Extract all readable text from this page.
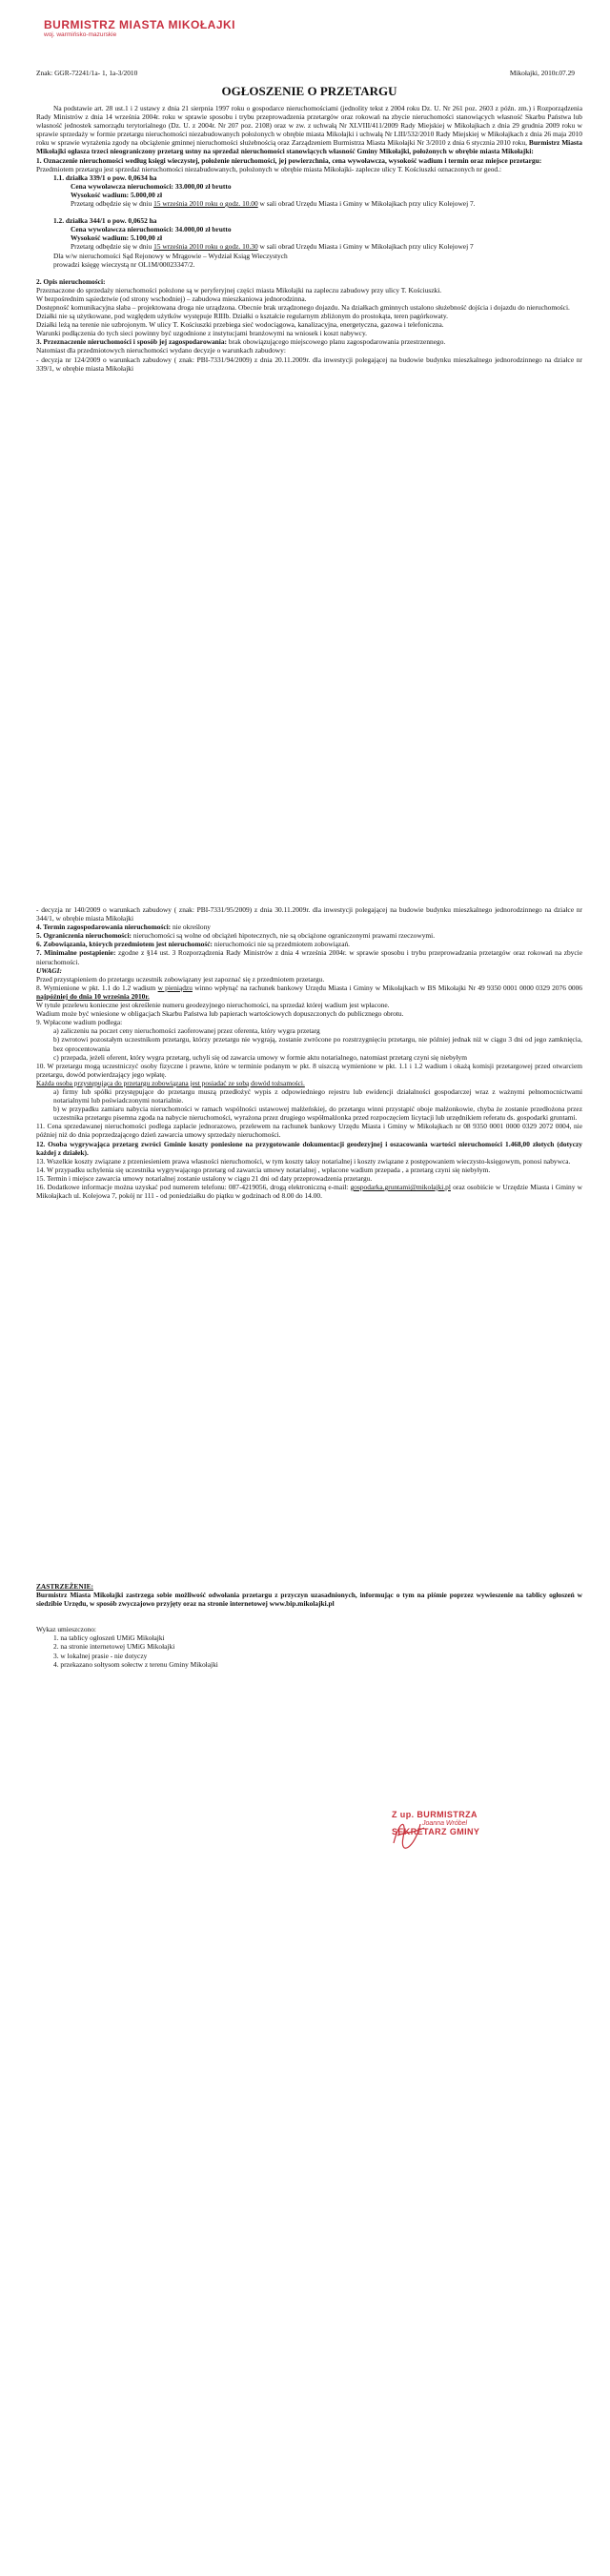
BURMISTRZ MIASTA MIKOŁAJKI
woj. warmińsko-mazurskie
Znak: GGR-72241/1a- 1, 1a-3/2010	Mikołajki, 2010r.07.29
OGŁOSZENIE O PRZETARGU

Na podstawie art. 28 ust.1 i 2 ustawy z dnia 21 sierpnia 1997 roku o gospodarce nieruchomościami (jednolity tekst z 2004 roku Dz. U. Nr 261 poz. 2603 z późn. zm.) i Rozporządzenia Rady Ministrów z dnia 14 września 2004r. roku w sprawie sposobu i trybu przeprowadzenia przetargów oraz rokowań na zbycie nieruchomości stanowiących własność Skarbu Państwa lub własność jednostek samorządu terytorialnego (Dz. U. z 2004r. Nr 207 poz. 2108) oraz w zw. z uchwałą Nr XLVIII/411/2009 Rady Miejskiej w Mikołajkach z dnia 29 grudnia 2009 roku w sprawie sprzedaży w formie przetargu nieruchomości niezabudowanych położonych w obrębie miasta Mikołajki i uchwałą Nr LIII/532/2010 Rady Miejskiej w Mikołajkach z dnia 26 maja 2010 roku w sprawie wyrażenia zgody na obciążenie gminnej nieruchomości służebnością oraz Zarządzeniem Burmistrza Miasta Mikołajki Nr 3/2010 z dnia 6 stycznia 2010 roku, Burmistrz Miasta Mikołajki ogłasza trzeci nieograniczony przetarg ustny na sprzedaż nieruchomości stanowiących własność Gminy Mikołajki, położonych w obrębie miasta Mikołajki:

1. Oznaczenie nieruchomości według księgi wieczystej, położenie nieruchomości, jej powierzchnia, cena wywoławcza, wysokość wadium i termin oraz miejsce przetargu:

Przedmiotem przetargu jest sprzedaż nieruchomości niezabudowanych, położonych w obrębie miasta Mikołajki- zaplecze ulicy T. Kościuszki oznaczonych nr geod.:

1.1. działka 339/1 o pow. 0,0634 ha

Cena wywoławcza nieruchomości: 33.000,00 zł brutto

Wysokość wadium: 5.000,00 zł

Przetarg odbędzie się w dniu 15 września 2010 roku o godz. 10.00 w sali obrad Urzędu Miasta i Gminy w Mikołajkach przy ulicy Kolejowej 7.

1.2. działka 344/1 o pow. 0,0652 ha

Cena wywoławcza nieruchomości: 34.000,00 zł brutto

Wysokość wadium: 5.100,00 zł

Przetarg odbędzie się w dniu 15 września 2010 roku o godz. 10.30 w sali obrad Urzędu Miasta i Gminy w Mikołajkach przy ulicy Kolejowej 7

Dla w/w nieruchomości Sąd Rejonowy w Mrągowie – Wydział Ksiąg Wieczystych

prowadzi księgę wieczystą nr OL1M/00023347/2.

2. Opis nieruchomości:

Przeznaczone do sprzedaży nieruchomości położone są w peryferyjnej części miasta Mikołajki na zapleczu zabudowy przy ulicy T. Kościuszki.

W bezpośrednim sąsiedztwie (od strony wschodniej) – zabudowa mieszkaniowa jednorodzinna.

Dostępność komunikacyjna słaba – projektowana droga nie urządzona. Obecnie brak urządzonego dojazdu. Na działkach gminnych ustalono służebność dojścia i dojazdu do nieruchomości.

Działki nie są użytkowane, pod względem użytków występuje RIIIb. Działki o kształcie regularnym zbliżonym do prostokąta, teren pagórkowaty.

Działki leżą na terenie nie uzbrojonym. W ulicy T. Kościuszki przebiega sieć wodociągowa, kanalizacyjna, energetyczna, gazowa i telefoniczna.

Warunki podłączenia do tych sieci powinny być uzgodnione z instytucjami branżowymi na wniosek i koszt nabywcy.

3. Przeznaczenie nieruchomości i sposób jej zagospodarowania: brak obowiązującego miejscowego planu zagospodarowania przestrzennego.

Natomiast dla przedmiotowych nieruchomości wydano decyzje o warunkach zabudowy:

- decyzja nr 124/2009 o warunkach zabudowy ( znak: PBI-7331/94/2009) z dnia 20.11.2009r. dla inwestycji polegającej na budowie budynku mieszkalnego jednorodzinnego na działce nr 339/1, w obrębie miasta Mikołajki

- decyzja nr 140/2009 o warunkach zabudowy ( znak: PBI-7331/95/2009) z dnia 30.11.2009r. dla inwestycji polegającej na budowie budynku mieszkalnego jednorodzinnego na działce nr 344/1, w obrębie miasta Mikołajki

4. Termin zagospodarowania nieruchomości: nie określony

5. Ograniczenia nieruchomości: nieruchomości są wolne od obciążeń hipotecznych, nie są obciążone ograniczonymi prawami rzeczowymi.

6. Zobowiązania, których przedmiotem jest nieruchomość: nieruchomości nie są przedmiotem zobowiązań.

7. Minimalne postąpienie: zgodne z §14 ust. 3 Rozporządzenia Rady Ministrów z dnia 4 września 2004r. w sprawie sposobu i trybu przeprowadzania przetargów oraz rokowań na zbycie nieruchomości.

UWAGI:

Przed przystąpieniem do przetargu uczestnik zobowiązany jest zapoznać się z przedmiotem przetargu.

8. Wymienione w pkt. 1.1 do 1.2 wadium w pieniądzu winno wpłynąć na rachunek bankowy Urzędu Miasta i Gminy w Mikołajkach w BS Mikołajki Nr 49 9350 0001 0000 0329 2076 0006 najpóźniej do dnia 10 września 2010r.

W tytule przelewu konieczne jest określenie numeru geodezyjnego nieruchomości, na sprzedaż której wadium jest wpłacone.

Wadium może być wniesione w obligacjach Skarbu Państwa lub papierach wartościowych dopuszczonych do publicznego obrotu.

9. Wpłacone wadium podlega:

a) zaliczeniu na poczet ceny nieruchomości zaoferowanej przez oferenta, który wygra przetarg

b) zwrotowi pozostałym uczestnikom przetargu, którzy przetargu nie wygrają, zostanie zwrócone po rozstrzygnięciu przetargu, nie później jednak niż w ciągu 3 dni od jego zamknięcia, bez oprocentowania

c) przepada, jeżeli oferent, który wygra przetarg, uchyli się od zawarcia umowy w formie aktu notarialnego, natomiast przetarg czyni się niebyłym

10. W przetargu mogą uczestniczyć osoby fizyczne i prawne, które w terminie podanym w pkt. 8 uiszczą wymienione w pkt. 1.1 i 1.2 wadium i okażą komisji przetargowej przed otwarciem przetargu, dowód potwierdzający jego wpłatę.

Każda osoba przystępująca do przetargu zobowiązana jest posiadać ze sobą dowód tożsamości.

a) firmy lub spółki przystępujące do przetargu muszą przedłożyć wypis z odpowiedniego rejestru lub ewidencji działalności gospodarczej wraz z ważnymi pełnomocnictwami notarialnymi lub poświadczonymi notarialnie.

b) w przypadku zamiaru nabycia nieruchomości w ramach wspólności ustawowej małżeńskiej, do przetargu winni przystąpić oboje małżonkowie, chyba że zostanie przedłożona przez uczestnika przetargu pisemna zgoda na nabycie nieruchomości, wyrażona przez drugiego współmałżonka przed rozpoczęciem licytacji lub urzędnikiem referatu ds. gospodarki gruntami.

11. Cena sprzedawanej nieruchomości podlega zapłacie jednorazowo, przelewem na rachunek bankowy Urzędu Miasta i Gminy w Mikołajkach nr 08 9350 0001 0000 0329 2072 0004, nie później niż do dnia poprzedzającego dzień zawarcia umowy sprzedaży nieruchomości.

12. Osoba wygrywająca przetarg zwróci Gminie koszty poniesione na przygotowanie dokumentacji geodezyjnej i oszacowania wartości nieruchomości 1.468,00 złotych (dotyczy każdej z działek).

13. Wszelkie koszty związane z przeniesieniem prawa własności nieruchomości, w tym koszty taksy notarialnej i koszty związane z postępowaniem wieczysto-księgowym, ponosi nabywca.

14. W przypadku uchylenia się uczestnika wygrywającego przetarg od zawarcia umowy notarialnej , wpłacone wadium przepada , a przetarg czyni się niebyłym.

15. Termin i miejsce zawarcia umowy notarialnej zostanie ustalony w ciągu 21 dni od daty przeprowadzenia przetargu.

16. Dodatkowe informacje można uzyskać pod numerem telefonu: 087-4219056, drogą elektroniczną e-mail: gospodarka.gruntami@mikolajki.pl oraz osobiście w Urzędzie Miasta i Gminy w Mikołajkach ul. Kolejowa 7, pokój nr 111 - od poniedziałku do piątku w godzinach od 8.00 do 14.00.

ZASTRZEŻENIE:

Burmistrz Miasta Mikołajki zastrzega sobie możliwość odwołania przetargu z przyczyn uzasadnionych, informując o tym na piśmie poprzez wywieszenie na tablicy ogłoszeń w siedzibie Urzędu, w sposób zwyczajowo przyjęty oraz na stronie internetowej www.bip.mikolajki.pl

Wykaz umieszczono:

1. na tablicy ogłoszeń UMiG Mikołajki

2. na stronie internetowej UMiG Mikołajki

3. w lokalnej prasie - nie dotyczy

4. przekazano sołtysom sołectw z terenu Gminy Mikołajki

Z up. BURMISTRZA
Joanna Wróbel
SEKRETARZ GMINY
